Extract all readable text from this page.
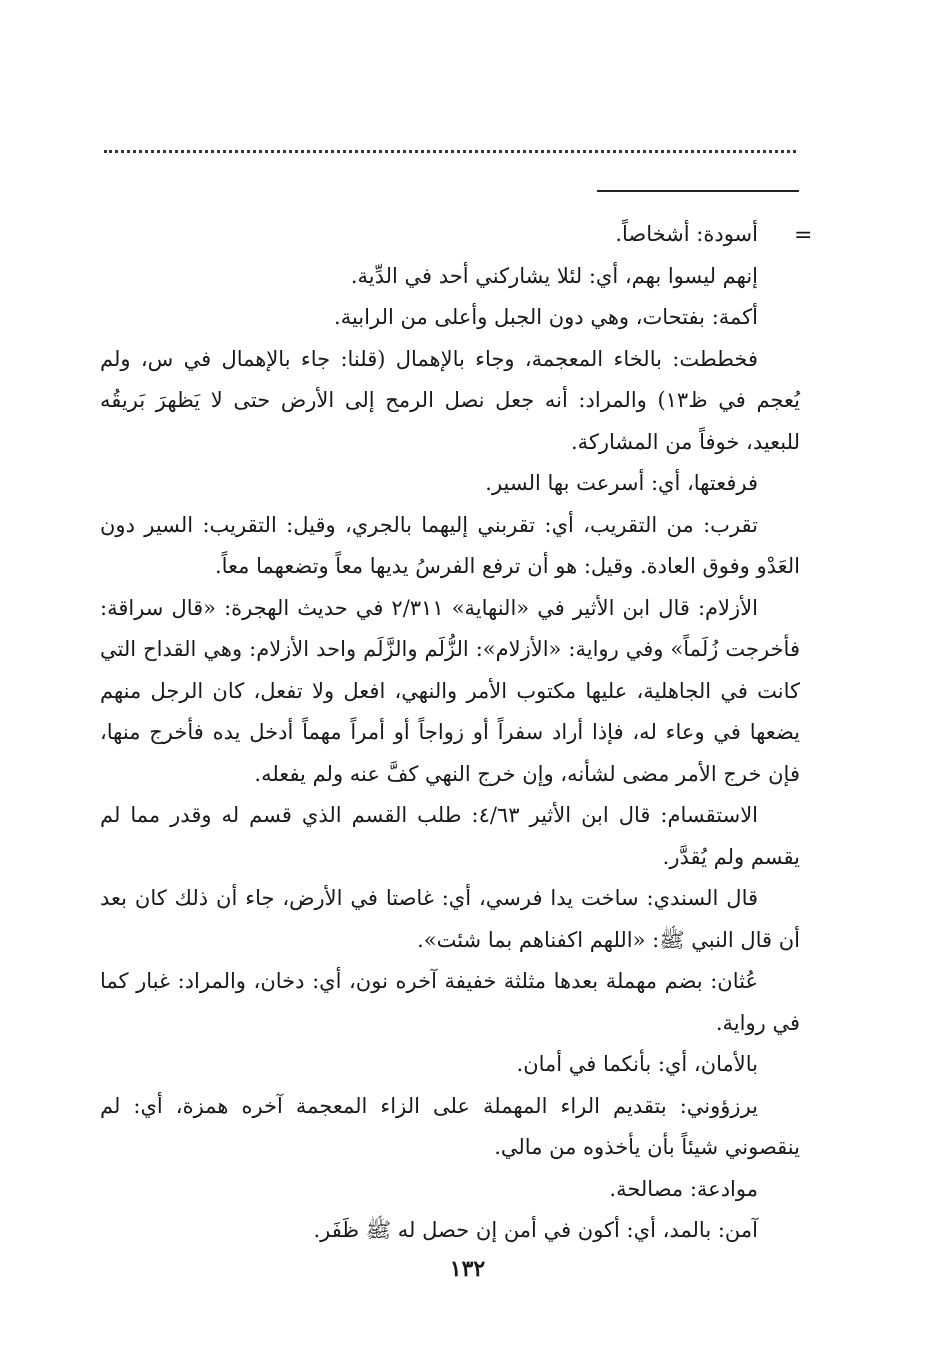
=

أسودة: أشخاصاً.

إنهم ليسوا بهم، أي: لئلا يشاركني أحد في الدِّية.

أكمة: بفتحات، وهي دون الجبل وأعلى من الرابية.

فخططت: بالخاء المعجمة، وجاء بالإهمال (قلنا: جاء بالإهمال في س، ولم يُعجم في ظ١٣) والمراد: أنه جعل نصل الرمح إلى الأرض حتى لا يَظهرَ بَريقُه للبعيد، خوفاً من المشاركة.

فرفعتها، أي: أسرعت بها السير.

تقرب: من التقريب، أي: تقربني إليهما بالجري، وقيل: التقريب: السير دون العَدْو وفوق العادة. وقيل: هو أن ترفع الفرسُ يديها معاً وتضعهما معاً.

الأزلام: قال ابن الأثير في «النهاية» ٢/٣١١ في حديث الهجرة: «قال سراقة: فأخرجت زُلَماً» وفي رواية: «الأزلام»: الزُّلَم والزَّلَم واحد الأزلام: وهي القداح التي كانت في الجاهلية، عليها مكتوب الأمر والنهي، افعل ولا تفعل، كان الرجل منهم يضعها في وعاء له، فإذا أراد سفراً أو زواجاً أو أمراً مهماً أدخل يده فأخرج منها، فإن خرج الأمر مضى لشأنه، وإن خرج النهي كفَّ عنه ولم يفعله.

الاستقسام: قال ابن الأثير ٤/٦٣: طلب القسم الذي قسم له وقدر مما لم يقسم ولم يُقدَّر.

قال السندي: ساخت يدا فرسي، أي: غاصتا في الأرض، جاء أن ذلك كان بعد أن قال النبي ﷺ: «اللهم اكفناهم بما شئت».

عُثان: بضم مهملة بعدها مثلثة خفيفة آخره نون، أي: دخان، والمراد: غبار كما في رواية.

بالأمان، أي: بأنكما في أمان.

يرزؤوني: بتقديم الراء المهملة على الزاء المعجمة آخره همزة، أي: لم ينقصوني شيئاً بأن يأخذوه من مالي.

موادعة: مصالحة.

آمن: بالمد، أي: أكون في أمن إن حصل له ﷺ ظَفَر.

١٣٢
